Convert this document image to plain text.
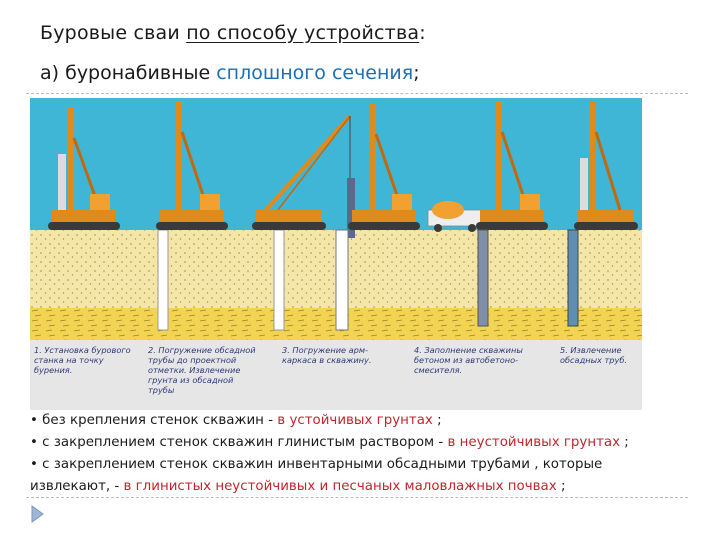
Буровые сваи по способу устройства:
а) буронабивные сплошного сечения;
1. Установка бурового станка на точку бурения.
2. Погружение обсадной трубы до проектной отметки. Извлечение грунта из обсадной трубы
3. Погружение арм-каркаса в скважину.
4. Заполнение скважины бетоном из автобетоно-смесителя.
5. Извлечение обсадных труб.

• без крепления стенок скважин - в устойчивых грунтах ;

• с закреплением стенок скважин глинистым раствором - в неустойчивых грунтах ;

• с закреплением стенок скважин инвентарными обсадными трубами , которые

извлекают, - в глинистых неустойчивых и песчаных маловлажных почвах ;
